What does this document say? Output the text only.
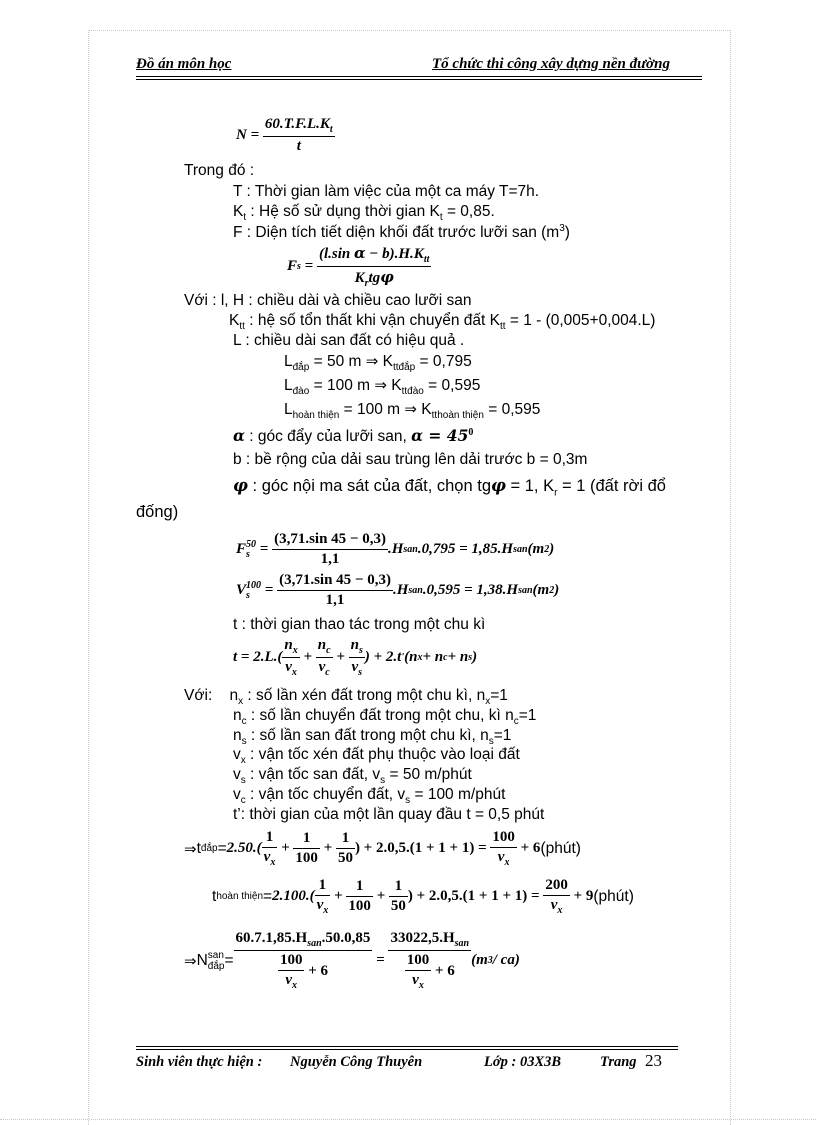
Đồ án môn học	Tổ chức thi công xây dựng nền đường
N =
$\frac{60.T.F.L.K_t}{t}$
Trong đó :
T : Thời gian làm việc của một ca máy T=7h.
$K_t$ : Hệ số sử dụng thời gian $K_t = 0,85$.
F : Diện tích tiết diện khối đất trước lưỡi san $(m^3)$
F $s = \frac{(l.\sin \alpha - b).H.K_{tt}}{K_rtg\varphi}$
Với : l, H : chiều dài và chiều cao lưỡi san
$K_{tt}$ : hệ số tổn thất khi vận chuyển đất $K_{tt} = 1 - (0,005+0,004.L)$
L : chiều dài san đất có hiệu quả .
$L_{đắp} = 50$ m ⇒ $K_{ttđắp} = 0,795$
$L_{đào} = 100$ m ⇒ $K_{ttđào} = 0,595$
$L_{hoàn thiện} = 100$ m ⇒ $K_{tthoàn thiện} = 0,595$
α : góc đẩy của lưỡi san, $\alpha = 45^0$
b : bề rộng của dải sau trùng lên dải trước b = 0,3m
φ : góc nội ma sát của đất, chọn tgφ = 1, $K_r = 1$ (đất rời đổ
đống)
F 50
$s = \frac{(3,71.\sin 45 - 0,3)}{1,1} .H$ san .0,795 = 1,85.H san (m 2 )
V 100
$s = \frac{(3,71.\sin 45 - 0,3)}{1,1} .H$ san .0,595 = 1,38.H san (m 2 )
t : thời gian thao tác trong một chu kì
$t = 2.L.( \frac{n_x}{v_x}$
+
$\frac{n_c}{v_c}$
+
$\frac{n_s}{v_s}$ ) + 2.t ' (n x + n c + n s )
Với:    $n_x$ : số lần xén đất trong một chu kì, $n_x=1$
$n_c$ : số lần chuyển đất trong một chu, kì $n_c=1$
$n_s$ : số lần san đất trong một chu kì, $n_s=1$
$v_x$ : vận tốc xén đất phụ thuộc vào loại đất
$v_s$ : vận tốc san đất, $v_s = 50$ m/phút
$v_c$ : vận tốc chuyển đất, $v_s = 100$ m/phút
t’: thời gian của một lần quay đầu t = 0,5 phút
⇒ t đắp = $2.50.( \frac{1}{v_x}$
+
$\frac{1}{100}$
+
$\frac{1}{50}$ ) + 2.0,5.(1 + 1 + 1) =
$\frac{100}{v_x}$
+ 6 (phút)
t hoàn thiện = $2.100.( \frac{1}{v_x}$
+
$\frac{1}{100}$
+
$\frac{1}{50}$ ) + 2.0,5.(1 + 1 + 1) =
$\frac{200}{v_x}$
+ 9 (phút)
⇒ N san
đắp = $60.7.1,85.H_{san}.50.0,85$
$\frac{100}{v_x}$
+ 6
=
$33022,5.H_{san}$
$\frac{100}{v_x}$
+ 6 (m 3 / ca)
Sinh viên thực hiện : Nguyễn Công Thuyên	Lớp : 03X3B	Trang 23
